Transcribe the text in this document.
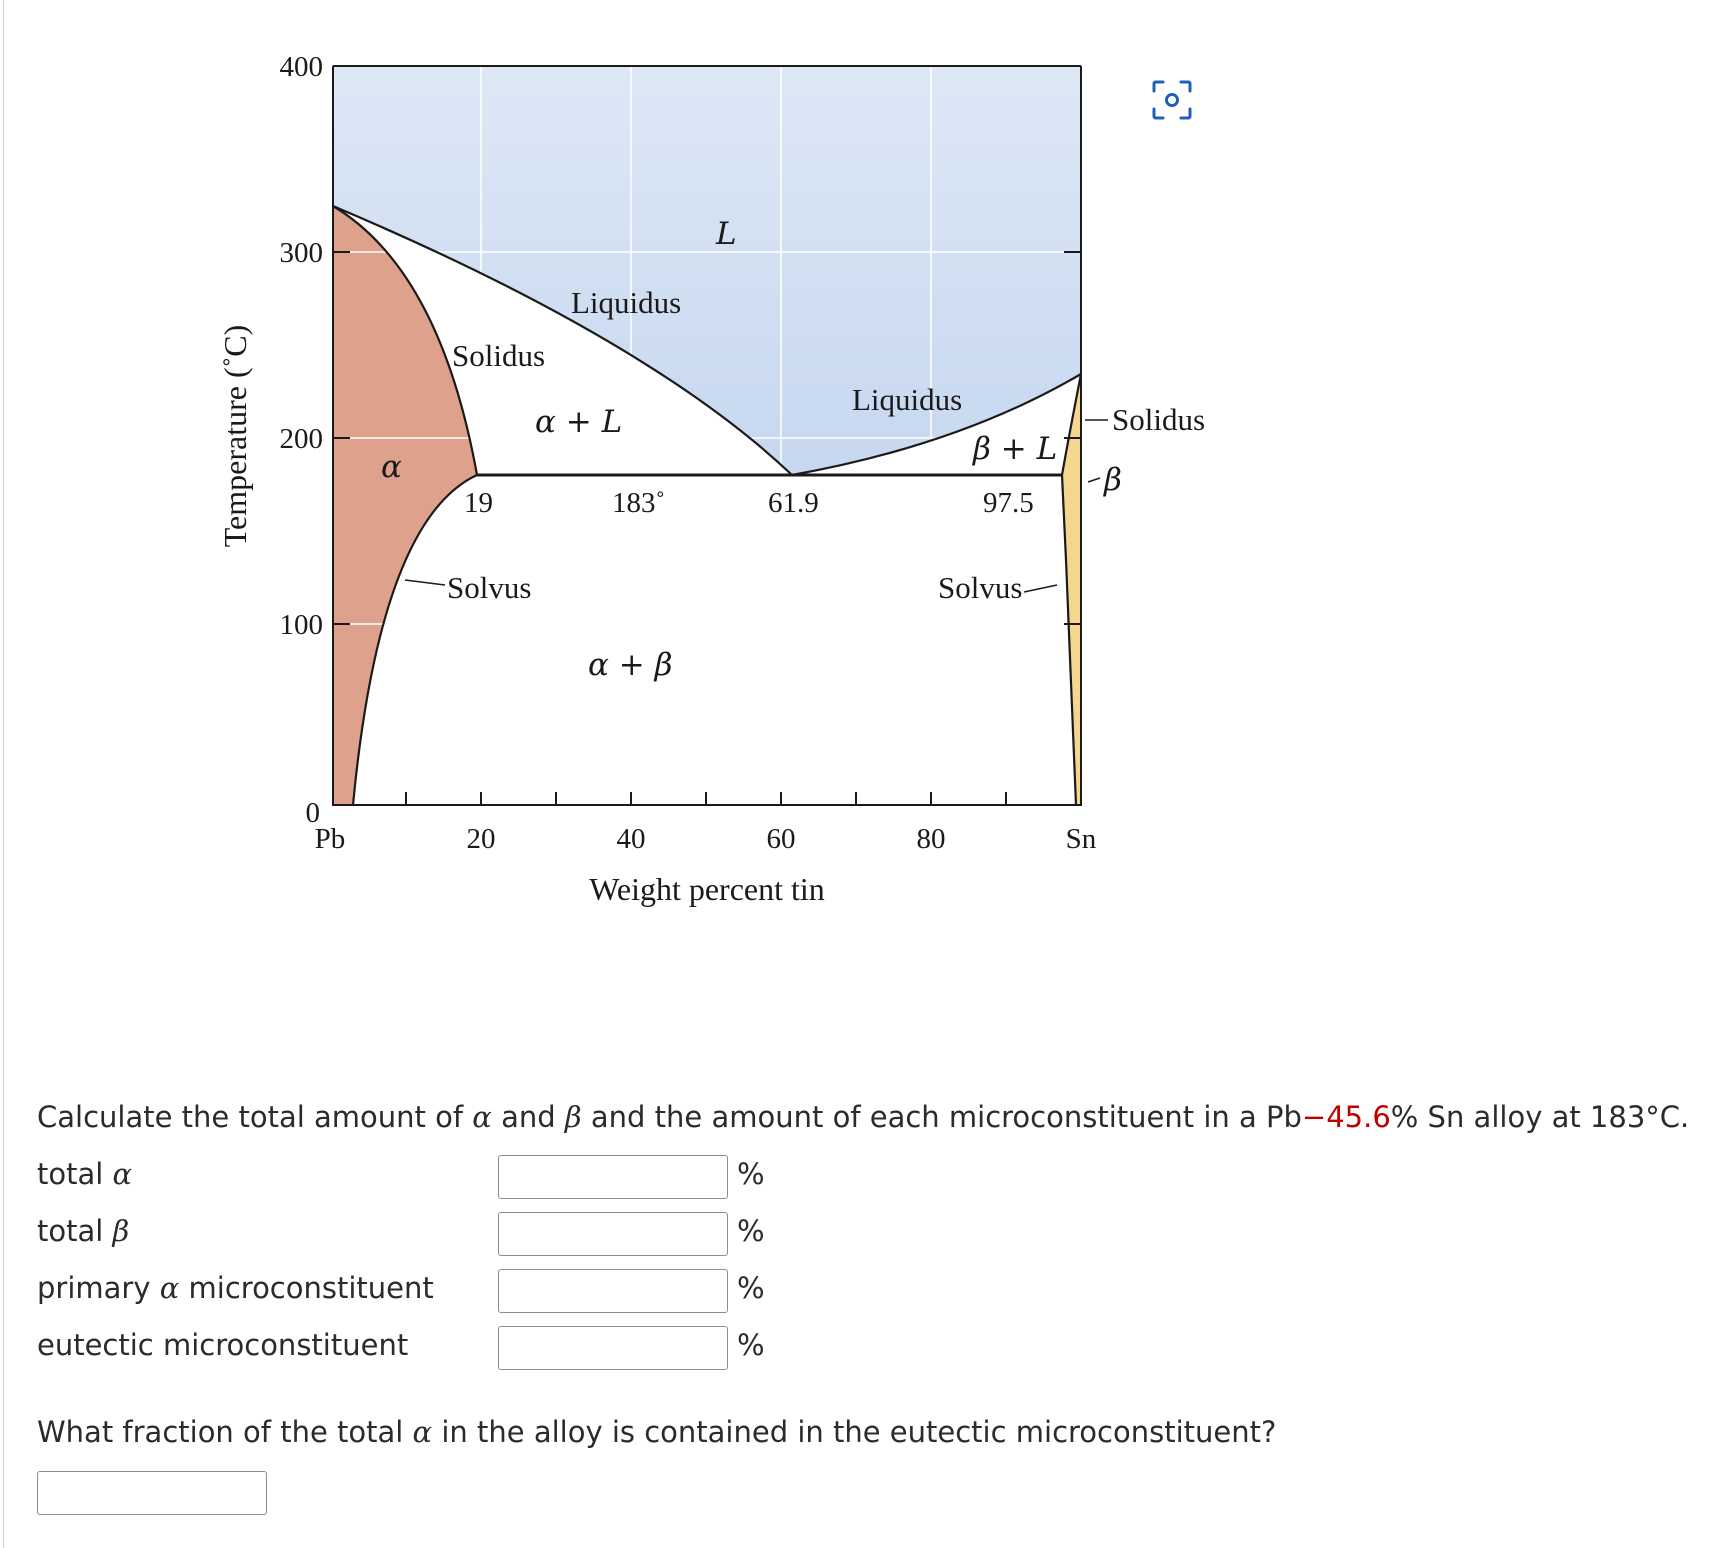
400
300
200
100
0
Pb	20	40	60	80	Sn
Weight percent tin
Temperature (˚C)
L
α
α + L
β + L
α + β
β
Liquidus
Liquidus
Solidus
Solidus
Solvus	Solvus
19	183˚	61.9	97.5
Calculate the total amount of α and β and the amount of each microconstituent in a Pb−45.6% Sn alloy at 183°C.
total α	%
total β	%
primary α microconstituent	%
eutectic microconstituent	%
What fraction of the total α in the alloy is contained in the eutectic microconstituent?
